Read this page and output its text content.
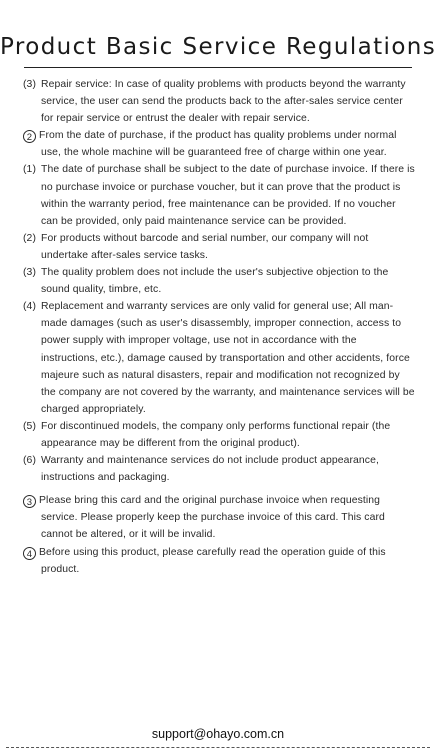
Product Basic Service Regulations

(3) Repair service: In case of quality problems with products beyond the warranty service, the user can send the products back to the after-sales service center for repair service or entrust the dealer with repair service.

2 From the date of purchase, if the product has quality problems under normal use, the whole machine will be guaranteed free of charge within one year.

(1) The date of purchase shall be subject to the date of purchase invoice. If there is no purchase invoice or purchase voucher, but it can prove that the product is within the warranty period, free maintenance can be provided. If no voucher can be provided, only paid maintenance service can be provided.

(2) For products without barcode and serial number, our company will not undertake after-sales service tasks.

(3) The quality problem does not include the user's subjective objection to the sound quality, timbre, etc.

(4) Replacement and warranty services are only valid for general use; All man-made damages (such as user's disassembly, improper connection, access to power supply with improper voltage, use not in accordance with the instructions, etc.), damage caused by transportation and other accidents, force majeure such as natural disasters, repair and modification not recognized by the company are not covered by the warranty, and maintenance services will be charged appropriately.

(5) For discontinued models, the company only performs functional repair (the appearance may be different from the original product).

(6) Warranty and maintenance services do not include product appearance, instructions and packaging.

3 Please bring this card and the original purchase invoice when requesting service. Please properly keep the purchase invoice of this card. This card cannot be altered, or it will be invalid.

4 Before using this product, please carefully read the operation guide of this product.

support@ohayo.com.cn
